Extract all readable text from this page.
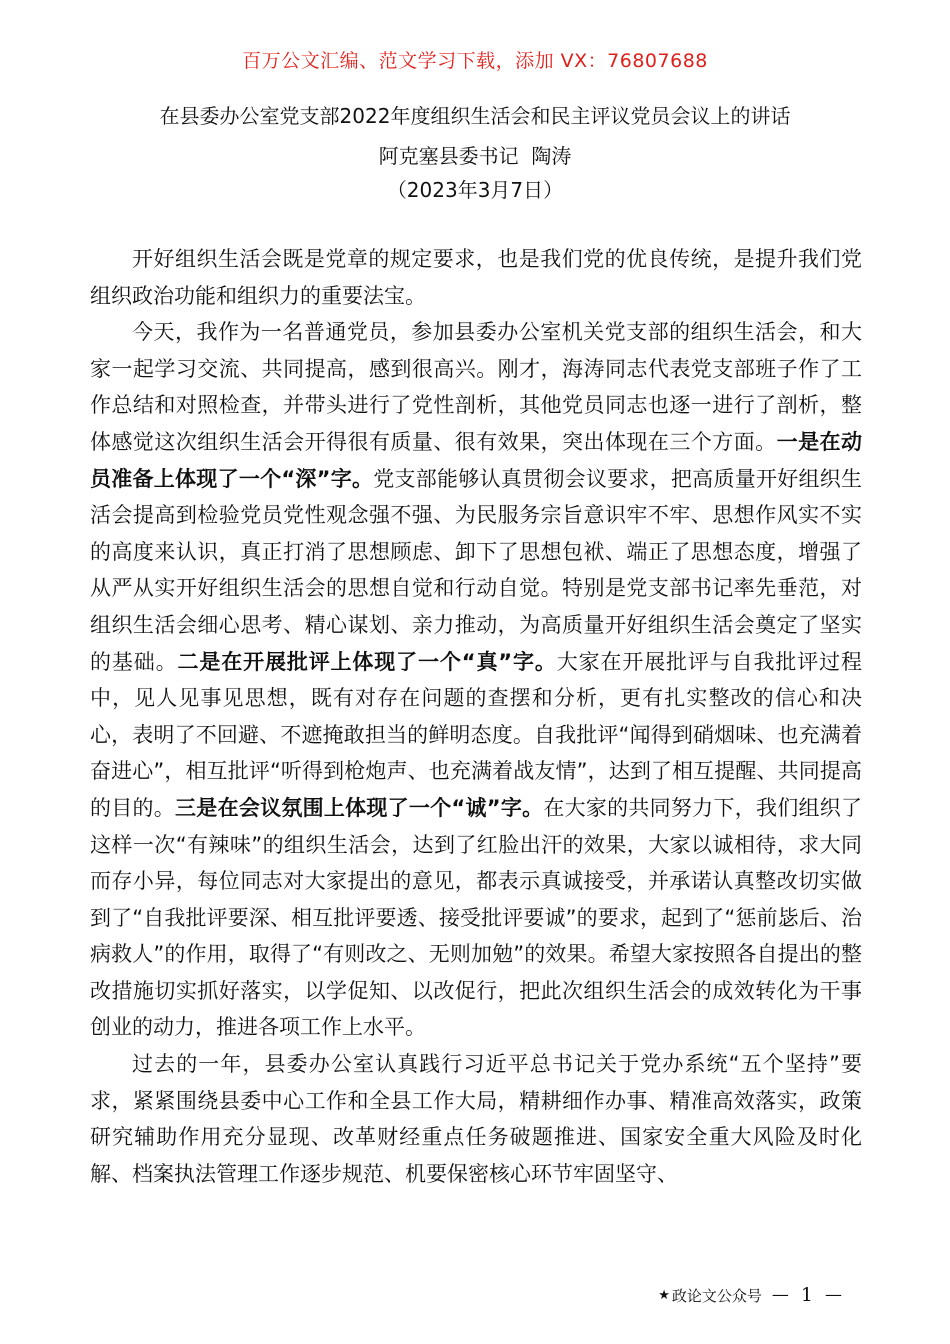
百万公文汇编、范文学习下载，添加 VX：76807688
在县委办公室党支部2022年度组织生活会和民主评议党员会议上的讲话
阿克塞县委书记  陶涛
（2023年3月7日）

开好组织生活会既是党章的规定要求，也是我们党的优良传统，是提升我们党组织政治功能和组织力的重要法宝。

今天，我作为一名普通党员，参加县委办公室机关党支部的组织生活会，和大家一起学习交流、共同提高，感到很高兴。刚才，海涛同志代表党支部班子作了工作总结和对照检查，并带头进行了党性剖析，其他党员同志也逐一进行了剖析，整体感觉这次组织生活会开得很有质量、很有效果，突出体现在三个方面。一是在动员准备上体现了一个“深”字。党支部能够认真贯彻会议要求，把高质量开好组织生活会提高到检验党员党性观念强不强、为民服务宗旨意识牢不牢、思想作风实不实的高度来认识，真正打消了思想顾虑、卸下了思想包袱、端正了思想态度，增强了从严从实开好组织生活会的思想自觉和行动自觉。特别是党支部书记率先垂范，对组织生活会细心思考、精心谋划、亲力推动，为高质量开好组织生活会奠定了坚实的基础。二是在开展批评上体现了一个“真”字。大家在开展批评与自我批评过程中，见人见事见思想，既有对存在问题的查摆和分析，更有扎实整改的信心和决心，表明了不回避、不遮掩敢担当的鲜明态度。自我批评“闻得到硝烟味、也充满着奋进心”，相互批评“听得到枪炮声、也充满着战友情”，达到了相互提醒、共同提高的目的。三是在会议氛围上体现了一个“诚”字。在大家的共同努力下，我们组织了这样一次“有辣味”的组织生活会，达到了红脸出汗的效果，大家以诚相待，求大同而存小异，每位同志对大家提出的意见，都表示真诚接受，并承诺认真整改切实做到了“自我批评要深、相互批评要透、接受批评要诚”的要求，起到了“惩前毖后、治病救人”的作用，取得了“有则改之、无则加勉”的效果。希望大家按照各自提出的整改措施切实抓好落实，以学促知、以改促行，把此次组织生活会的成效转化为干事创业的动力，推进各项工作上水平。

过去的一年，县委办公室认真践行习近平总书记关于党办系统“五个坚持”要求，紧紧围绕县委中心工作和全县工作大局，精耕细作办事、精准高效落实，政策研究辅助作用充分显现、改革财经重点任务破题推进、国家安全重大风险及时化解、档案执法管理工作逐步规范、机要保密核心环节牢固坚守、

★ 政论文公众号 — 1 —
